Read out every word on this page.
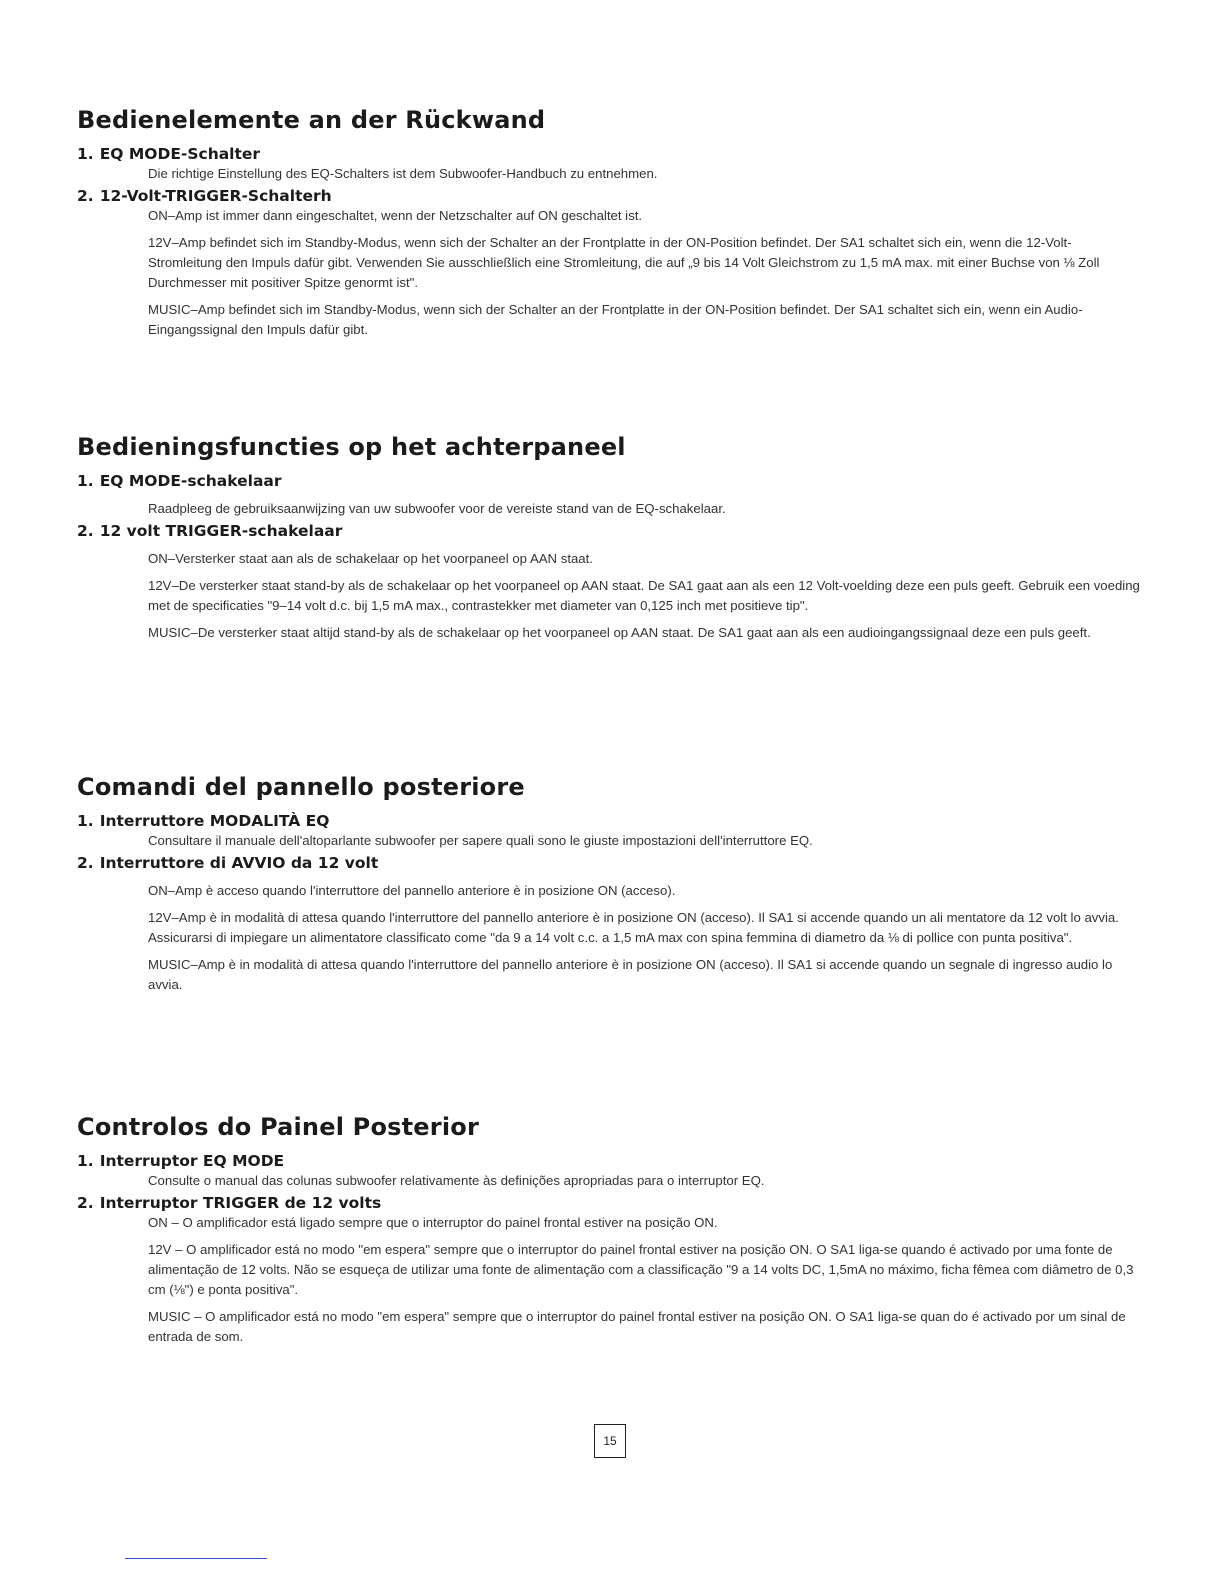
Bedienelemente an der Rückwand

1. EQ MODE-Schalter

Die richtige Einstellung des EQ-Schalters ist dem Subwoofer-Handbuch zu entnehmen.

2. 12-Volt-TRIGGER-Schalterh

ON–Amp ist immer dann eingeschaltet, wenn der Netzschalter auf ON geschaltet ist.

12V–Amp befindet sich im Standby-Modus, wenn sich der Schalter an der Frontplatte in der ON-Position befindet. Der SA1 schaltet sich ein, wenn die 12-Volt-Stromleitung den Impuls dafür gibt. Verwenden Sie ausschließlich eine Stromleitung, die auf „9 bis 14 Volt Gleichstrom zu 1,5 mA max. mit einer Buchse von ⅛ Zoll Durchmesser mit positiver Spitze genormt ist".

MUSIC–Amp befindet sich im Standby-Modus, wenn sich der Schalter an der Frontplatte in der ON-Position befindet. Der SA1 schaltet sich ein, wenn ein Audio-Eingangssignal den Impuls dafür gibt.

Bedieningsfuncties op het achterpaneel

1. EQ MODE-schakelaar

Raadpleeg de gebruiksaanwijzing van uw subwoofer voor de vereiste stand van de EQ-schakelaar.

2. 12 volt TRIGGER-schakelaar

ON–Versterker staat aan als de schakelaar op het voorpaneel op AAN staat.

12V–De versterker staat stand-by als de schakelaar op het voorpaneel op AAN staat. De SA1 gaat aan als een 12 Volt-voelding deze een puls geeft. Gebruik een voeding met de specificaties "9–14 volt d.c. bij 1,5 mA max., contrastekker met diameter van 0,125 inch met positieve tip".

MUSIC–De versterker staat altijd stand-by als de schakelaar op het voorpaneel op AAN staat. De SA1 gaat aan als een audioingangssignaal deze een puls geeft.

Comandi del pannello posteriore

1. Interruttore MODALITÀ EQ

Consultare il manuale dell'altoparlante subwoofer per sapere quali sono le giuste impostazioni dell'interruttore EQ.

2. Interruttore di AVVIO da 12 volt

ON–Amp è acceso quando l'interruttore del pannello anteriore è in posizione ON (acceso).

12V–Amp è in modalità di attesa quando l'interruttore del pannello anteriore è in posizione ON (acceso). Il SA1 si accende quando un ali mentatore da 12 volt lo avvia. Assicurarsi di impiegare un alimentatore classificato come "da 9 a 14 volt c.c. a 1,5 mA max con spina femmina di diametro da ⅛ di pollice con punta positiva".

MUSIC–Amp è in modalità di attesa quando l'interruttore del pannello anteriore è in posizione ON (acceso). Il SA1 si accende quando un segnale di ingresso audio lo avvia.

Controlos do Painel Posterior

1. Interruptor EQ MODE

Consulte o manual das colunas subwoofer relativamente às definições apropriadas para o interruptor EQ.

2. Interruptor TRIGGER de 12 volts

ON – O amplificador está ligado sempre que o interruptor do painel frontal estiver na posição ON.

12V – O amplificador está no modo "em espera" sempre que o interruptor do painel frontal estiver na posição ON. O SA1 liga-se quando é activado por uma fonte de alimentação de 12 volts. Não se esqueça de utilizar uma fonte de alimentação com a classificação "9 a 14 volts DC, 1,5mA no máximo, ficha fêmea com diâmetro de 0,3 cm (⅛") e ponta positiva".

MUSIC – O amplificador está no modo "em espera" sempre que o interruptor do painel frontal estiver na posição ON. O SA1 liga-se quan do é activado por um sinal de entrada de som.

15
